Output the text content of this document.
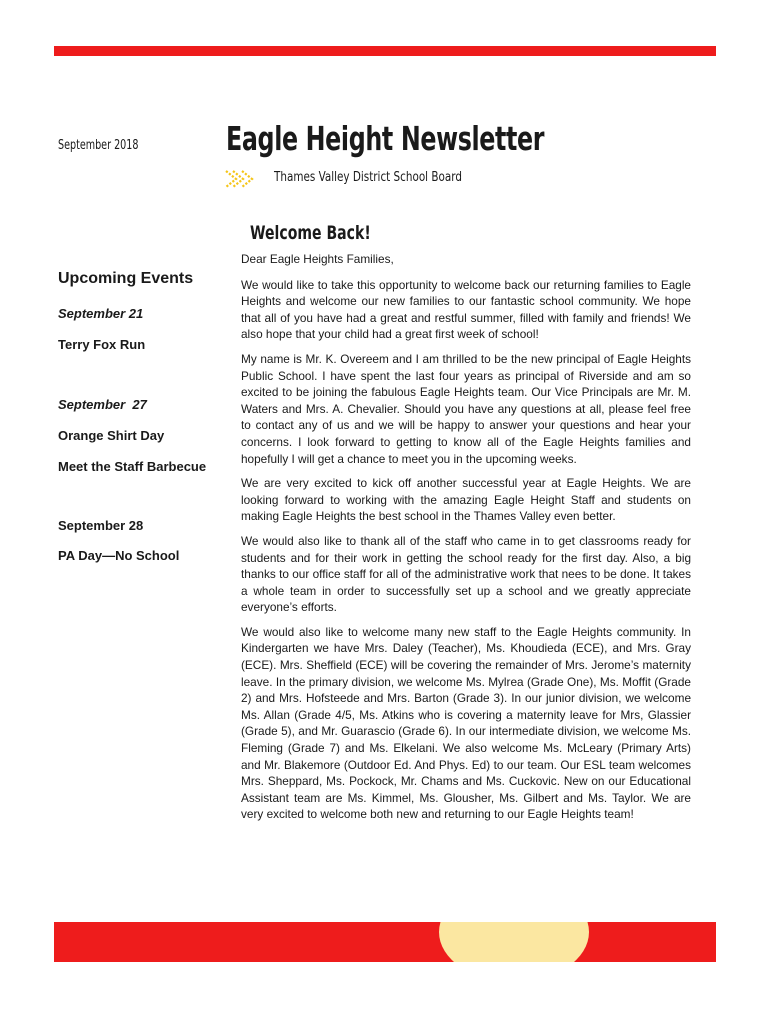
September 2018	Eagle Height Newsletter
Thames Valley District School Board
Welcome Back!
Upcoming Events
September 21
Terry Fox Run
September  27
Orange Shirt Day
Meet the Staff Barbecue
September 28
PA Day—No School

Dear Eagle Heights Families,

We would like to take this opportunity to welcome back our returning families to Eagle Heights and welcome our new families to our fantastic school community. We hope that all of you have had a great and restful summer, filled with family and friends! We also hope that your child had a great first week of school!

My name is Mr. K. Overeem and I am thrilled to be the new principal of Eagle Heights Public School. I have spent the last four years as principal of Riverside and am so excited to be joining the fabulous Eagle Heights team. Our Vice Principals are Mr. M. Waters and Mrs. A. Chevalier. Should you have any questions at all, please feel free to contact any of us and we will be happy to answer your questions and hear your concerns. I look forward to getting to know all of the Eagle Heights families and hopefully I will get a chance to meet you in the upcoming weeks.

We are very excited to kick off another successful year at Eagle Heights. We are looking forward to working with the amazing Eagle Height Staff and students on making Eagle Heights the best school in the Thames Valley even better.

We would also like to thank all of the staff who came in to get classrooms ready for students and for their work in getting the school ready for the first day. Also, a big thanks to our office staff for all of the administrative work that nees to be done. It takes a whole team in order to successfully set up a school and we greatly appreciate everyone’s efforts.

We would also like to welcome many new staff to the Eagle Heights community. In Kindergarten we have Mrs. Daley (Teacher), Ms. Khoudieda (ECE), and Mrs. Gray (ECE). Mrs. Sheffield (ECE) will be covering the remainder of Mrs. Jerome’s maternity leave. In the primary division, we welcome Ms. Mylrea (Grade One), Ms. Moffit (Grade 2) and Mrs. Hofsteede and Mrs. Barton (Grade 3). In our junior division, we welcome Ms. Allan (Grade 4/5, Ms. Atkins who is covering a maternity leave for Mrs, Glassier (Grade 5), and Mr. Guarascio (Grade 6). In our intermediate division, we welcome Ms. Fleming (Grade 7) and Ms. Elkelani. We also welcome Ms. McLeary (Primary Arts) and Mr. Blakemore (Outdoor Ed. And Phys. Ed) to our team. Our ESL team welcomes Mrs. Sheppard, Ms. Pockock, Mr. Chams and Ms. Cuckovic. New on our Educational Assistant team are Ms. Kimmel, Ms. Glousher, Ms. Gilbert and Ms. Taylor. We are very excited to welcome both new and returning to our Eagle Heights team!
